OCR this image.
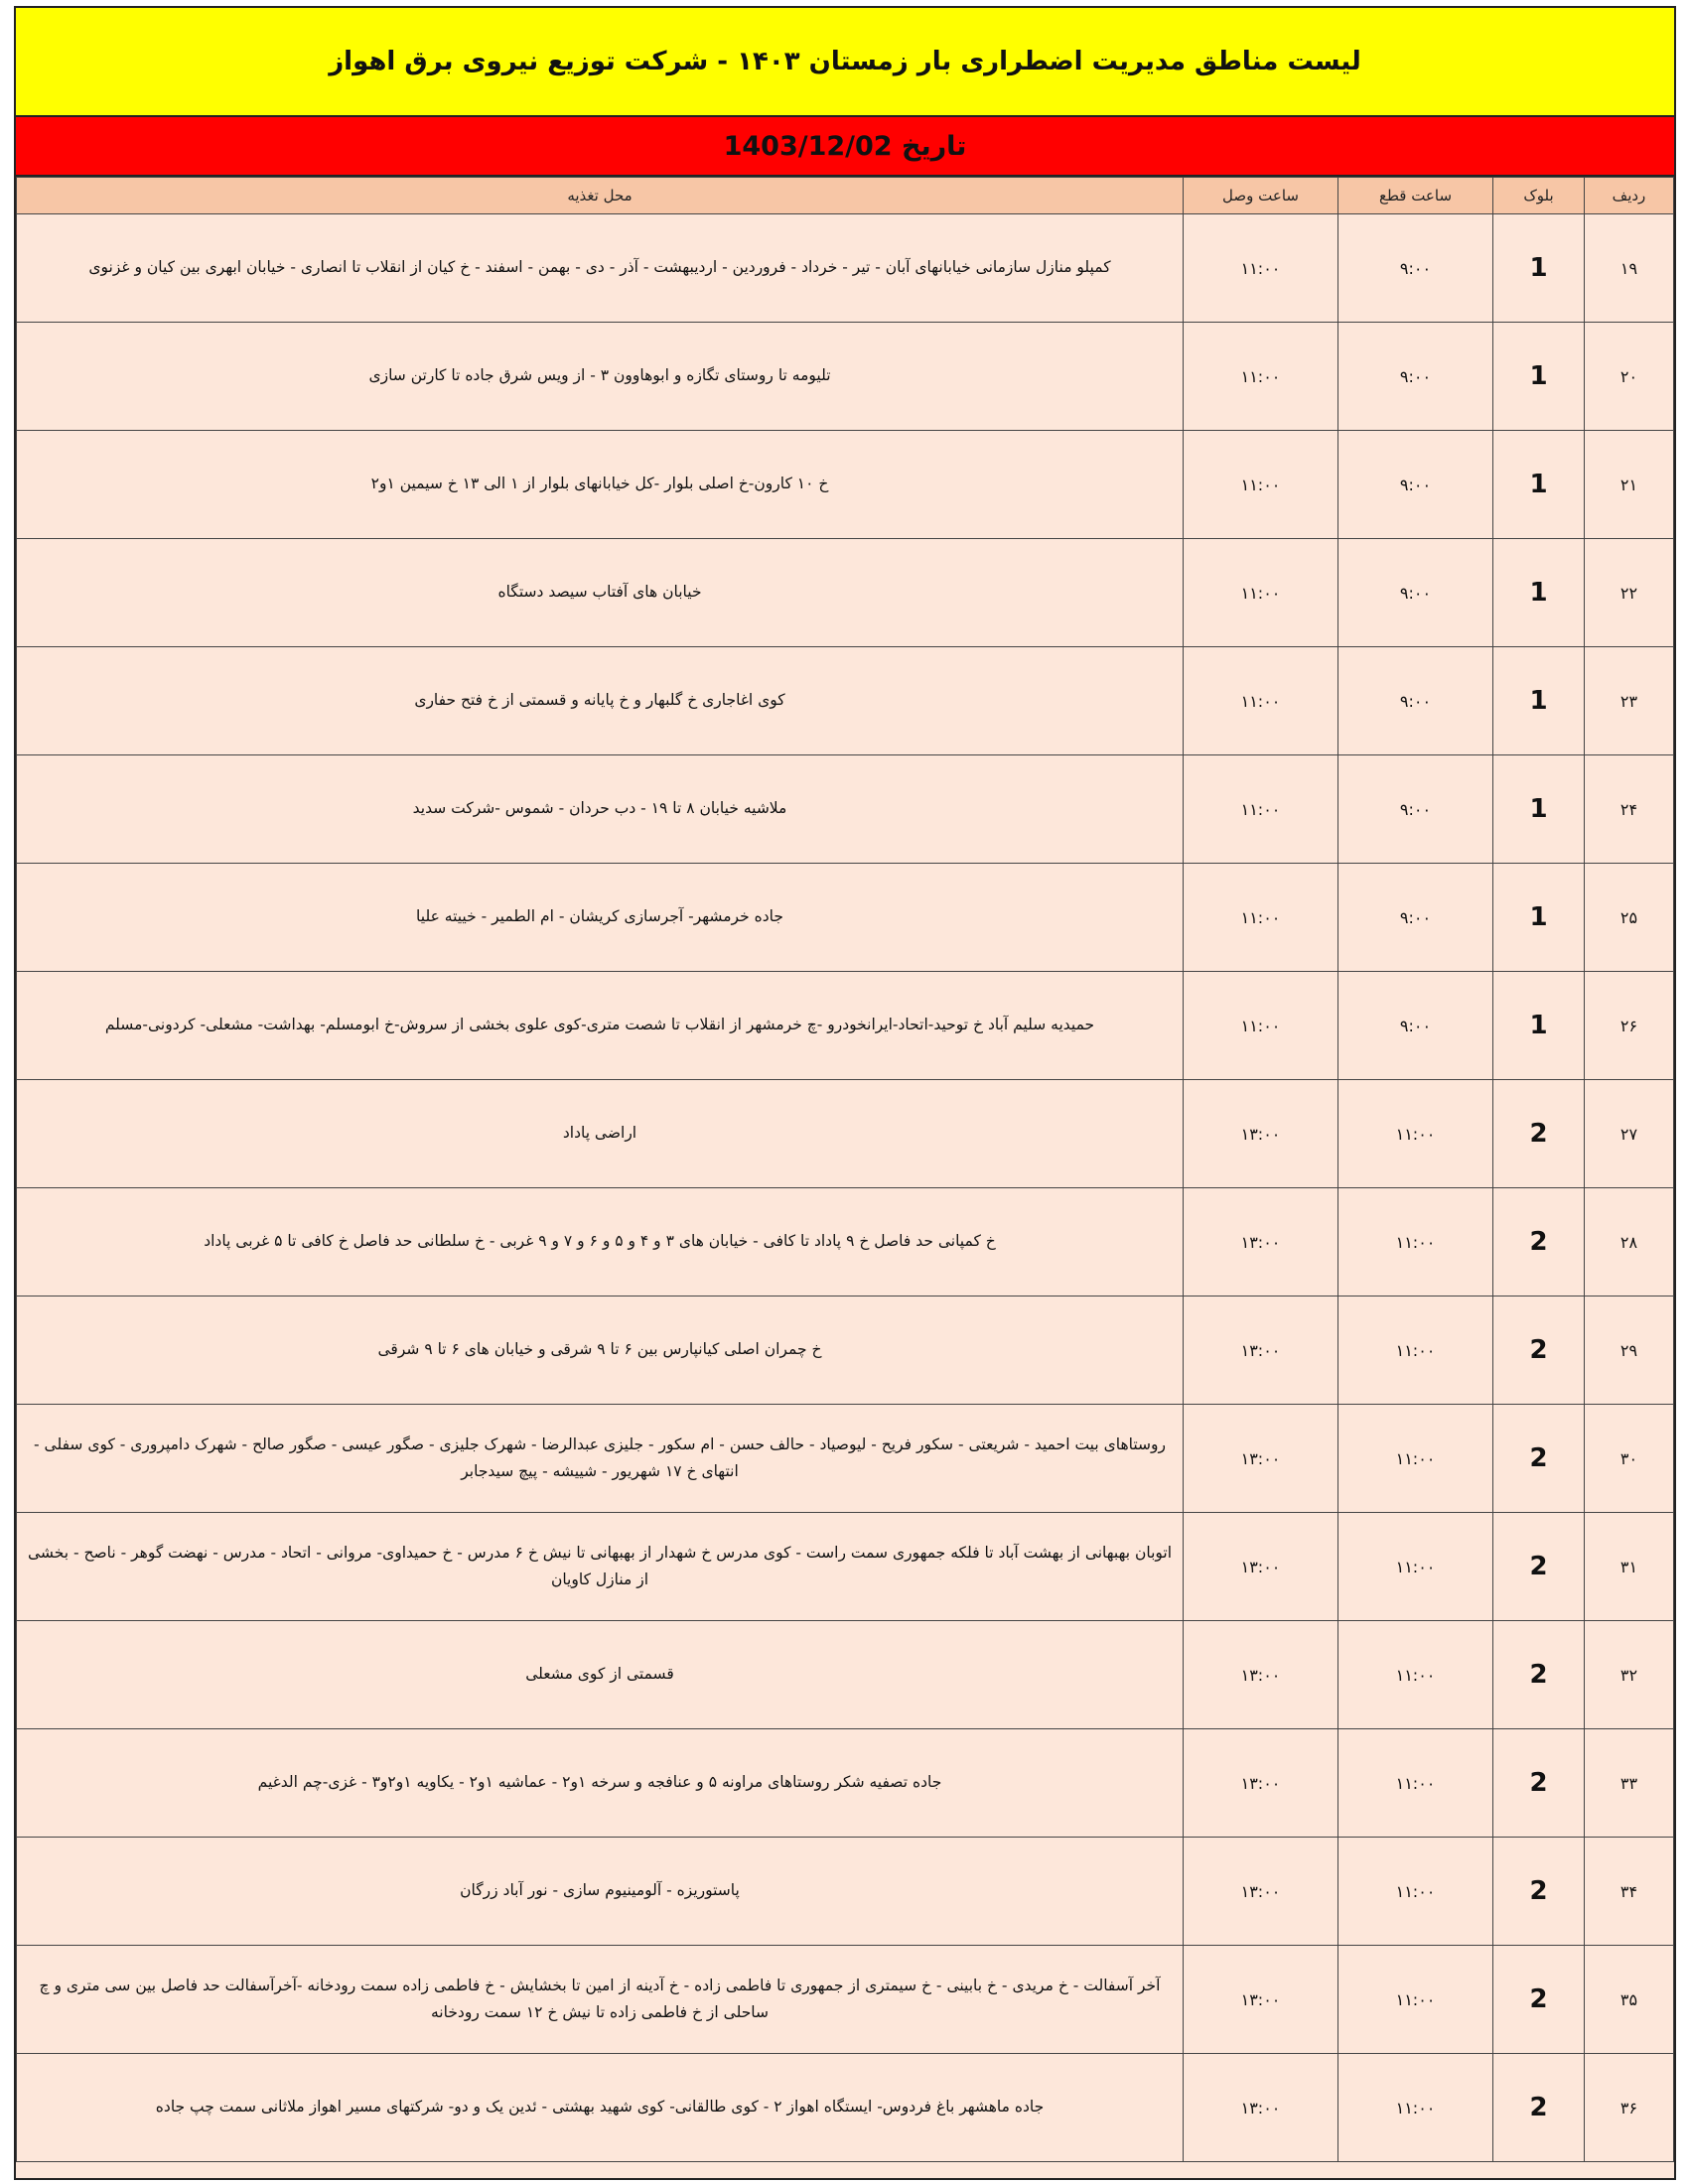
لیست مناطق مدیریت اضطراری بار زمستان ۱۴۰۳ - شرکت توزیع نیروی برق اهواز
تاریخ 1403/12/02
ردیف	بلوک	ساعت قطع	ساعت وصل	محل تغذیه
۱۹	1	۹:۰۰	۱۱:۰۰	کمپلو منازل سازمانی خیابانهای آبان - تیر - خرداد - فروردین - اردیبهشت - آذر - دی - بهمن - اسفند - خ کیان از انقلاب تا انصاری - خیابان ابهری بین کیان و غزنوی
۲۰	1	۹:۰۰	۱۱:۰۰	تلیومه تا روستای تگازه و ابوهاوون ۳ - از ویس شرق جاده تا کارتن سازی
۲۱	1	۹:۰۰	۱۱:۰۰	خ ۱۰ کارون-خ اصلی بلوار -کل خیابانهای بلوار از ۱ الی ۱۳ خ سیمین ۱و۲
۲۲	1	۹:۰۰	۱۱:۰۰	خیابان های آفتاب سیصد دستگاه
۲۳	1	۹:۰۰	۱۱:۰۰	کوی اغاجاری خ گلبهار و خ پایانه و قسمتی از خ فتح حفاری
۲۴	1	۹:۰۰	۱۱:۰۰	ملاشیه خیابان ۸ تا ۱۹ - دب حردان - شموس -شرکت سدید
۲۵	1	۹:۰۰	۱۱:۰۰	جاده خرمشهر- آجرسازی کریشان - ام الطمیر - خییته علیا
۲۶	1	۹:۰۰	۱۱:۰۰	حمیدیه سلیم آباد خ توحید-اتحاد-ایرانخودرو -چ خرمشهر از انقلاب تا شصت متری-کوی علوی بخشی از سروش-خ ابومسلم- بهداشت- مشعلی- کردونی-مسلم
۲۷	2	۱۱:۰۰	۱۳:۰۰	اراضی پاداد
۲۸	2	۱۱:۰۰	۱۳:۰۰	خ کمپانی حد فاصل خ ۹ پاداد تا کافی - خیابان های ۳ و ۴ و ۵ و ۶ و ۷ و ۹ غربی - خ سلطانی حد فاصل خ کافی تا ۵ غربی پاداد
۲۹	2	۱۱:۰۰	۱۳:۰۰	خ چمران اصلی کیانپارس بین ۶ تا ۹ شرقی و خیابان های ۶ تا ۹ شرقی
۳۰	2	۱۱:۰۰	۱۳:۰۰	روستاهای بیت احمید - شریعتی - سکور فریح - لیوصیاد - حالف حسن - ام سکور - جلیزی عبدالرضا - شهرک جلیزی - صگور عیسی - صگور صالح - شهرک دامپروری - کوی سفلی - انتهای خ ۱۷ شهریور - شییشه - پیچ سیدجابر
۳۱	2	۱۱:۰۰	۱۳:۰۰	اتوبان بهبهانی از بهشت آباد تا فلکه جمهوری سمت راست - کوی مدرس خ شهدار از بهبهانی تا نیش خ ۶ مدرس - خ حمیداوی- مروانی - اتحاد - مدرس - نهضت گوهر - ناصح - بخشی از منازل کاویان
۳۲	2	۱۱:۰۰	۱۳:۰۰	قسمتی از کوی مشعلی
۳۳	2	۱۱:۰۰	۱۳:۰۰	جاده تصفیه شکر روستاهای مراونه ۵ و عنافجه و سرخه ۱و۲ - عماشیه ۱و۲ - یکاویه ۱و۲و۳ - غزی-چم الدغیم
۳۴	2	۱۱:۰۰	۱۳:۰۰	پاستوریزه - آلومینیوم سازی - نور آباد زرگان
۳۵	2	۱۱:۰۰	۱۳:۰۰	آخر آسفالت - خ مریدی - خ بابینی - خ سیمتری از جمهوری تا فاطمی زاده - خ آدینه از امین تا بخشایش - خ فاطمی زاده سمت رودخانه -آخرآسفالت حد فاصل بین سی متری و چ ساحلی از خ فاطمی زاده تا نیش خ ۱۲ سمت رودخانه
۳۶	2	۱۱:۰۰	۱۳:۰۰	جاده ماهشهر باغ فردوس- ایستگاه اهواز ۲ - کوی طالقانی- کوی شهید بهشتی - ئدین یک و دو- شرکتهای مسیر اهواز ملاثانی سمت چپ جاده
